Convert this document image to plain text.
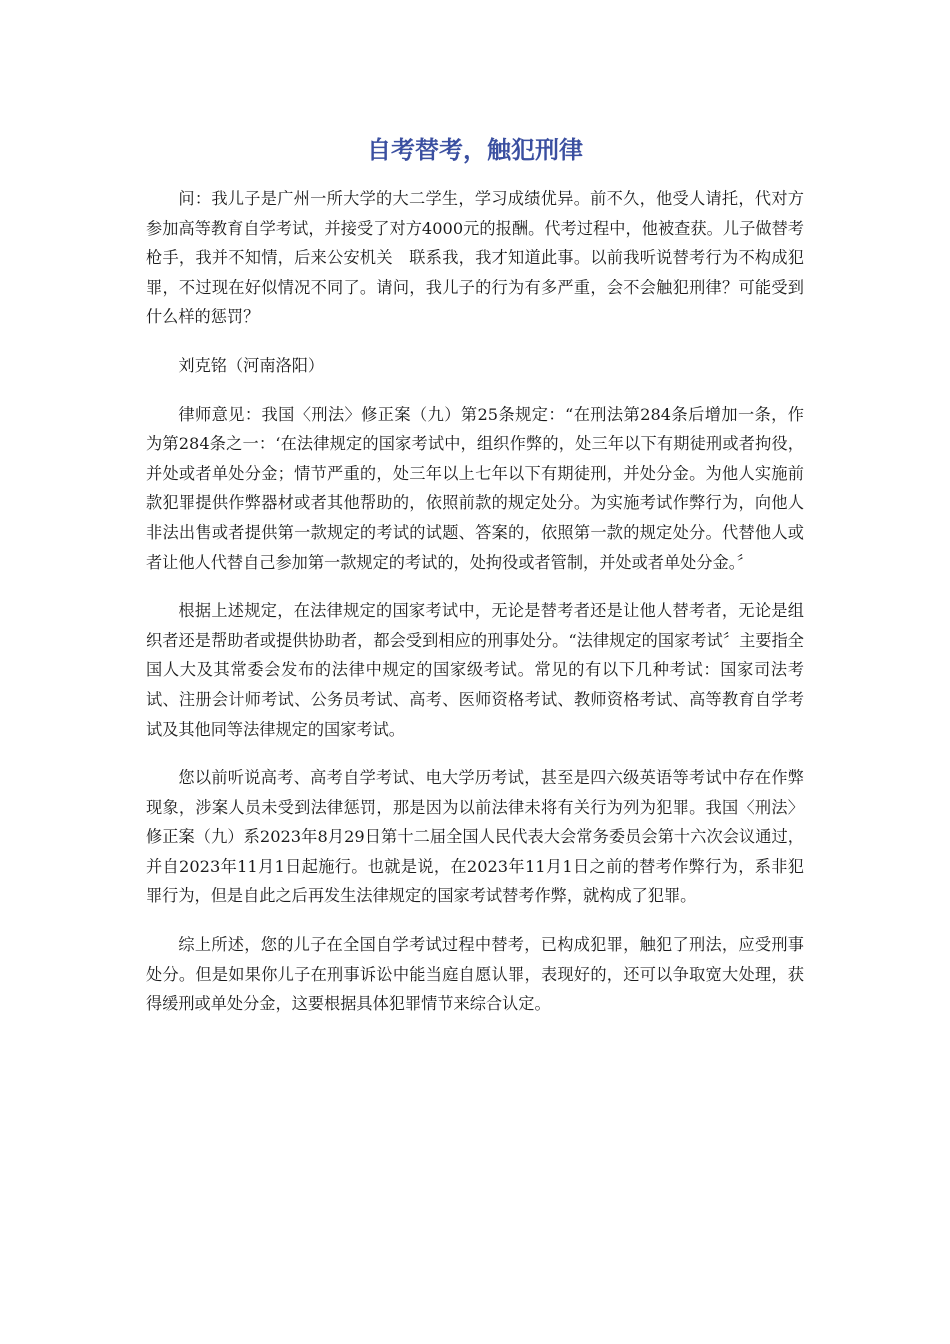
自考替考，触犯刑律

问：我儿子是广州一所大学的大二学生，学习成绩优异。前不久，他受人请托，代对方参加高等教育自学考试，并接受了对方4000元的报酬。代考过程中，他被查获。儿子做替考枪手，我并不知情，后来公安机关　联系我，我才知道此事。以前我听说替考行为不构成犯罪，不过现在好似情况不同了。请问，我儿子的行为有多严重，会不会触犯刑律？可能受到什么样的惩罚？

刘克铭（河南洛阳）

律师意见：我国〈刑法〉修正案（九）第25条规定：“在刑法第284条后增加一条，作为第284条之一：‘在法律规定的国家考试中，组织作弊的，处三年以下有期徒刑或者拘役，并处或者单处分金；情节严重的，处三年以上七年以下有期徒刑，并处分金。为他人实施前款犯罪提供作弊器材或者其他帮助的，依照前款的规定处分。为实施考试作弊行为，向他人非法出售或者提供第一款规定的考试的试题、答案的，依照第一款的规定处分。代替他人或者让他人代替自己参加第一款规定的考试的，处拘役或者管制，并处或者单处分金。〞

根据上述规定，在法律规定的国家考试中，无论是替考者还是让他人替考者，无论是组织者还是帮助者或提供协助者，都会受到相应的刑事处分。“法律规定的国家考试〞主要指全国人大及其常委会发布的法律中规定的国家级考试。常见的有以下几种考试：国家司法考试、注册会计师考试、公务员考试、高考、医师资格考试、教师资格考试、高等教育自学考试及其他同等法律规定的国家考试。

您以前听说高考、高考自学考试、电大学历考试，甚至是四六级英语等考试中存在作弊现象，涉案人员未受到法律惩罚，那是因为以前法律未将有关行为列为犯罪。我国〈刑法〉修正案（九）系2023年8月29日第十二届全国人民代表大会常务委员会第十六次会议通过，并自2023年11月1日起施行。也就是说，在2023年11月1日之前的替考作弊行为，系非犯罪行为，但是自此之后再发生法律规定的国家考试替考作弊，就构成了犯罪。

综上所述，您的儿子在全国自学考试过程中替考，已构成犯罪，触犯了刑法，应受刑事处分。但是如果你儿子在刑事诉讼中能当庭自愿认罪，表现好的，还可以争取宽大处理，获得缓刑或单处分金，这要根据具体犯罪情节来综合认定。
